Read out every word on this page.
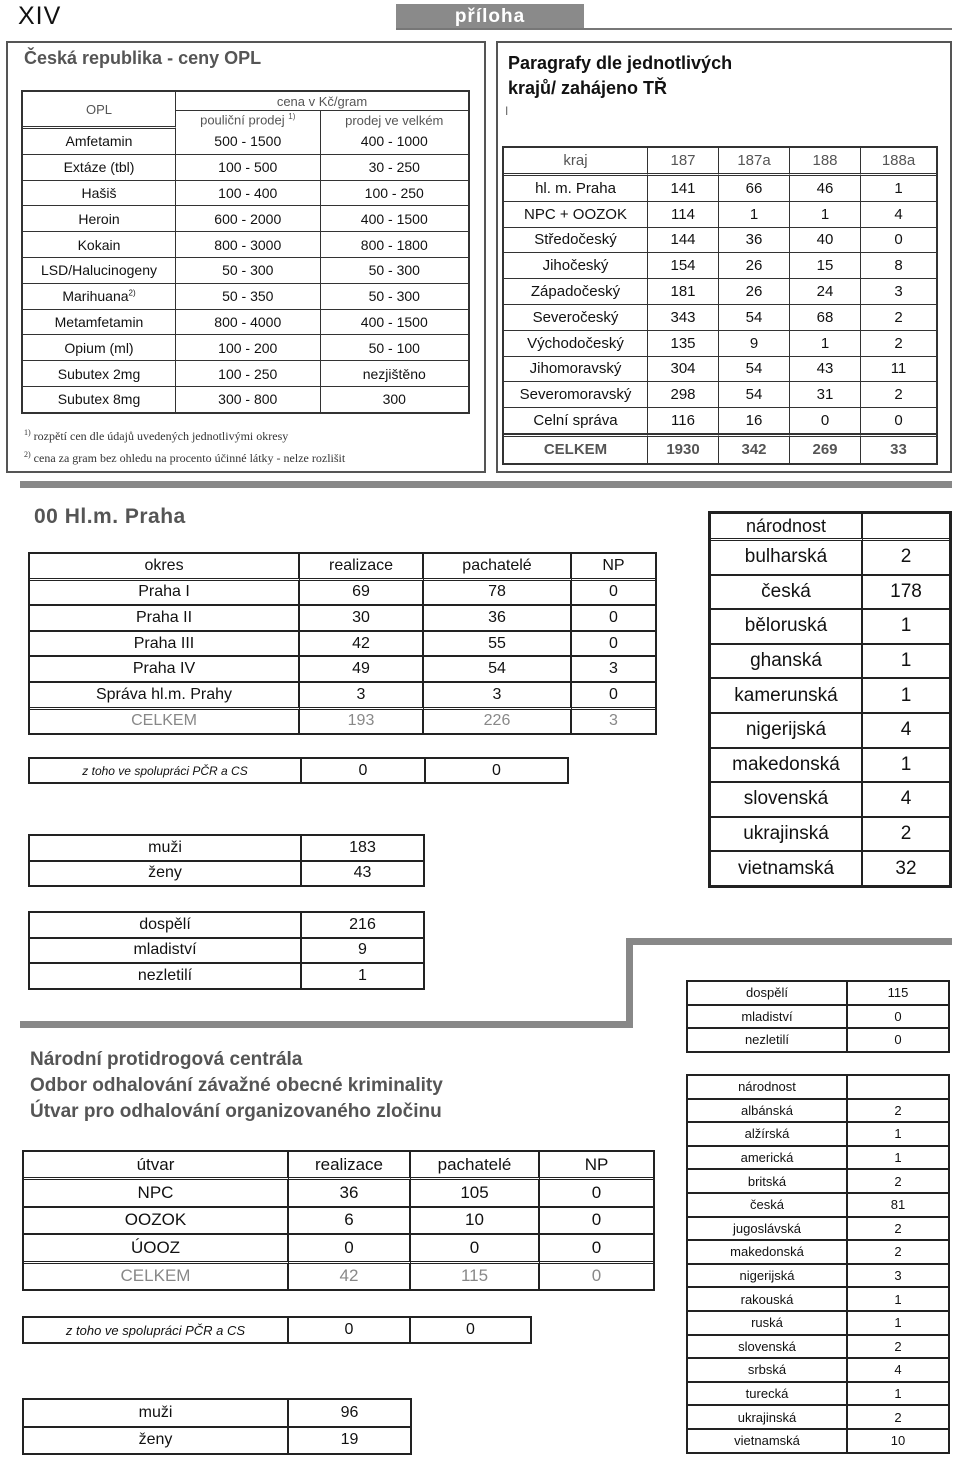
XIV	příloha
Česká republika - ceny OPL
OPL	cena v Kč/gram	
	pouliční prodej $^{1)}$	prodej ve velkém
Amfetamin	500 - 1500	400 - 1000
Extáze (tbl)	100 - 500	30 - 250
Hašiš	100 - 400	100 - 250
Heroin	600 - 2000	400 - 1500
Kokain	800 - 3000	800 - 1800
LSD/Halucinogeny	50 - 300	50 - 300
Marihuana$^{2)}$	50 - 350	50 - 300
Metamfetamin	800 - 4000	400 - 1500
Opium (ml)	100 - 200	50 - 100
Subutex 2mg	100 - 250	nezjištěno
Subutex 8mg	300 - 800	300
$^{1)}$ rozpětí cen dle údajů uvedených jednotlivými okresy
$^{2)}$ cena za gram bez ohledu na procento účinné látky - nelze rozlišit
Paragrafy dle jednotlivých
krajů/ zahájeno TŘ
I
kraj	187	187a	188	188a
hl. m. Praha	141	66	46	1
NPC + OOZOK	114	1	1	4
Středočeský	144	36	40	0
Jihočeský	154	26	15	8
Západočeský	181	26	24	3
Severočeský	343	54	68	2
Východočeský	135	9	1	2
Jihomoravský	304	54	43	11
Severomoravský	298	54	31	2
Celní správa	116	16	0	0
CELKEM	1930	342	269	33
00 Hl.m. Praha
okres	realizace	pachatelé	NP
Praha I	69	78	0
Praha II	30	36	0
Praha III	42	55	0
Praha IV	49	54	3
Správa hl.m. Prahy	3	3	0
CELKEM	193	226	3
z toho ve spolupráci PČR a CS	0	0
muži	183
ženy	43
dospělí	216
mladiství	9
nezletilí	1
národnost	
bulharská	2
česká	178
běloruská	1
ghanská	1
kamerunská	1
nigerijská	4
makedonská	1
slovenská	4
ukrajinská	2
vietnamská	32
dospělí	115
mladiství	0
nezletilí	0
národnost	
albánská	2
alžírská	1
americká	1
britská	2
česká	81
jugoslávská	2
makedonská	2
nigerijská	3
rakouská	1
ruská	1
slovenská	2
srbská	4
turecká	1
ukrajinská	2
vietnamská	10
Národní protidrogová centrála
Odbor odhalování závažné obecné kriminality
Útvar pro odhalování organizovaného zločinu
útvar	realizace	pachatelé	NP
NPC	36	105	0
OOZOK	6	10	0
ÚOOZ	0	0	0
CELKEM	42	115	0
z toho ve spolupráci PČR a CS	0	0
muži	96
ženy	19
